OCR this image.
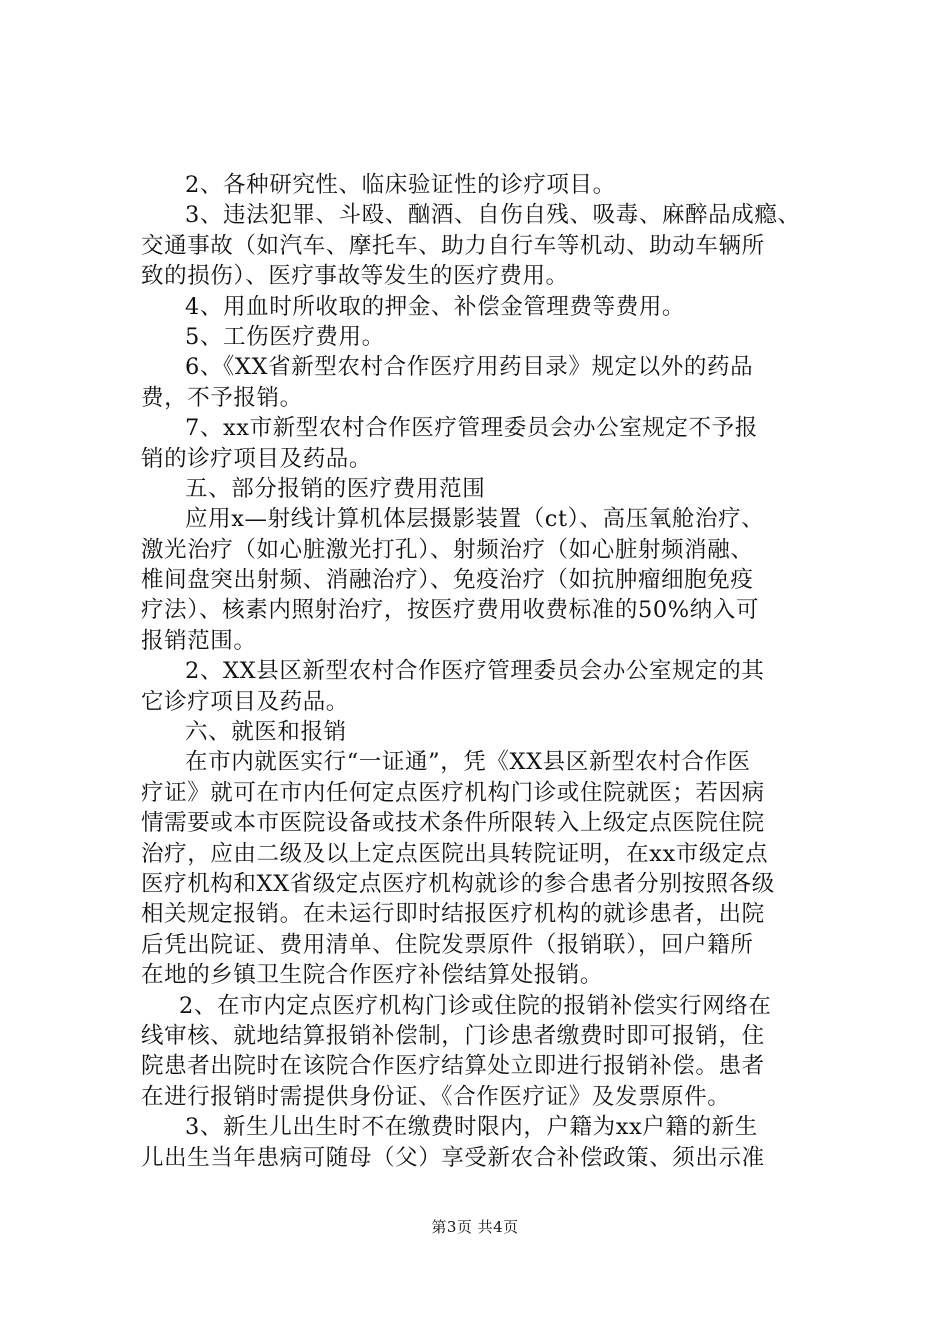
2、各种研究性、临床验证性的诊疗项目。
3、违法犯罪、斗殴、酗酒、自伤自残、吸毒、麻醉品成瘾、
交通事故（如汽车、摩托车、助力自行车等机动、助动车辆所
致的损伤）、医疗事故等发生的医疗费用。
4、用血时所收取的押金、补偿金管理费等费用。
5、工伤医疗费用。
6、《XX省新型农村合作医疗用药目录》规定以外的药品
费，不予报销。
7、xx市新型农村合作医疗管理委员会办公室规定不予报
销的诊疗项目及药品。
五、部分报销的医疗费用范围
应用x—射线计算机体层摄影装置（ct）、高压氧舱治疗、
激光治疗（如心脏激光打孔）、射频治疗（如心脏射频消融、
椎间盘突出射频、消融治疗）、免疫治疗（如抗肿瘤细胞免疫
疗法）、核素内照射治疗，按医疗费用收费标准的50%纳入可
报销范围。
2、XX县区新型农村合作医疗管理委员会办公室规定的其
它诊疗项目及药品。
六、就医和报销
在市内就医实行“一证通”，凭《XX县区新型农村合作医
疗证》就可在市内任何定点医疗机构门诊或住院就医；若因病
情需要或本市医院设备或技术条件所限转入上级定点医院住院
治疗，应由二级及以上定点医院出具转院证明，在xx市级定点
医疗机构和XX省级定点医疗机构就诊的参合患者分别按照各级
相关规定报销。在未运行即时结报医疗机构的就诊患者，出院
后凭出院证、费用清单、住院发票原件（报销联），回户籍所
在地的乡镇卫生院合作医疗补偿结算处报销。
2、在市内定点医疗机构门诊或住院的报销补偿实行网络在
线审核、就地结算报销补偿制，门诊患者缴费时即可报销，住
院患者出院时在该院合作医疗结算处立即进行报销补偿。患者
在进行报销时需提供身份证、《合作医疗证》及发票原件。
3、新生儿出生时不在缴费时限内，户籍为xx户籍的新生
儿出生当年患病可随母（父）享受新农合补偿政策、须出示准
第3页 共4页
